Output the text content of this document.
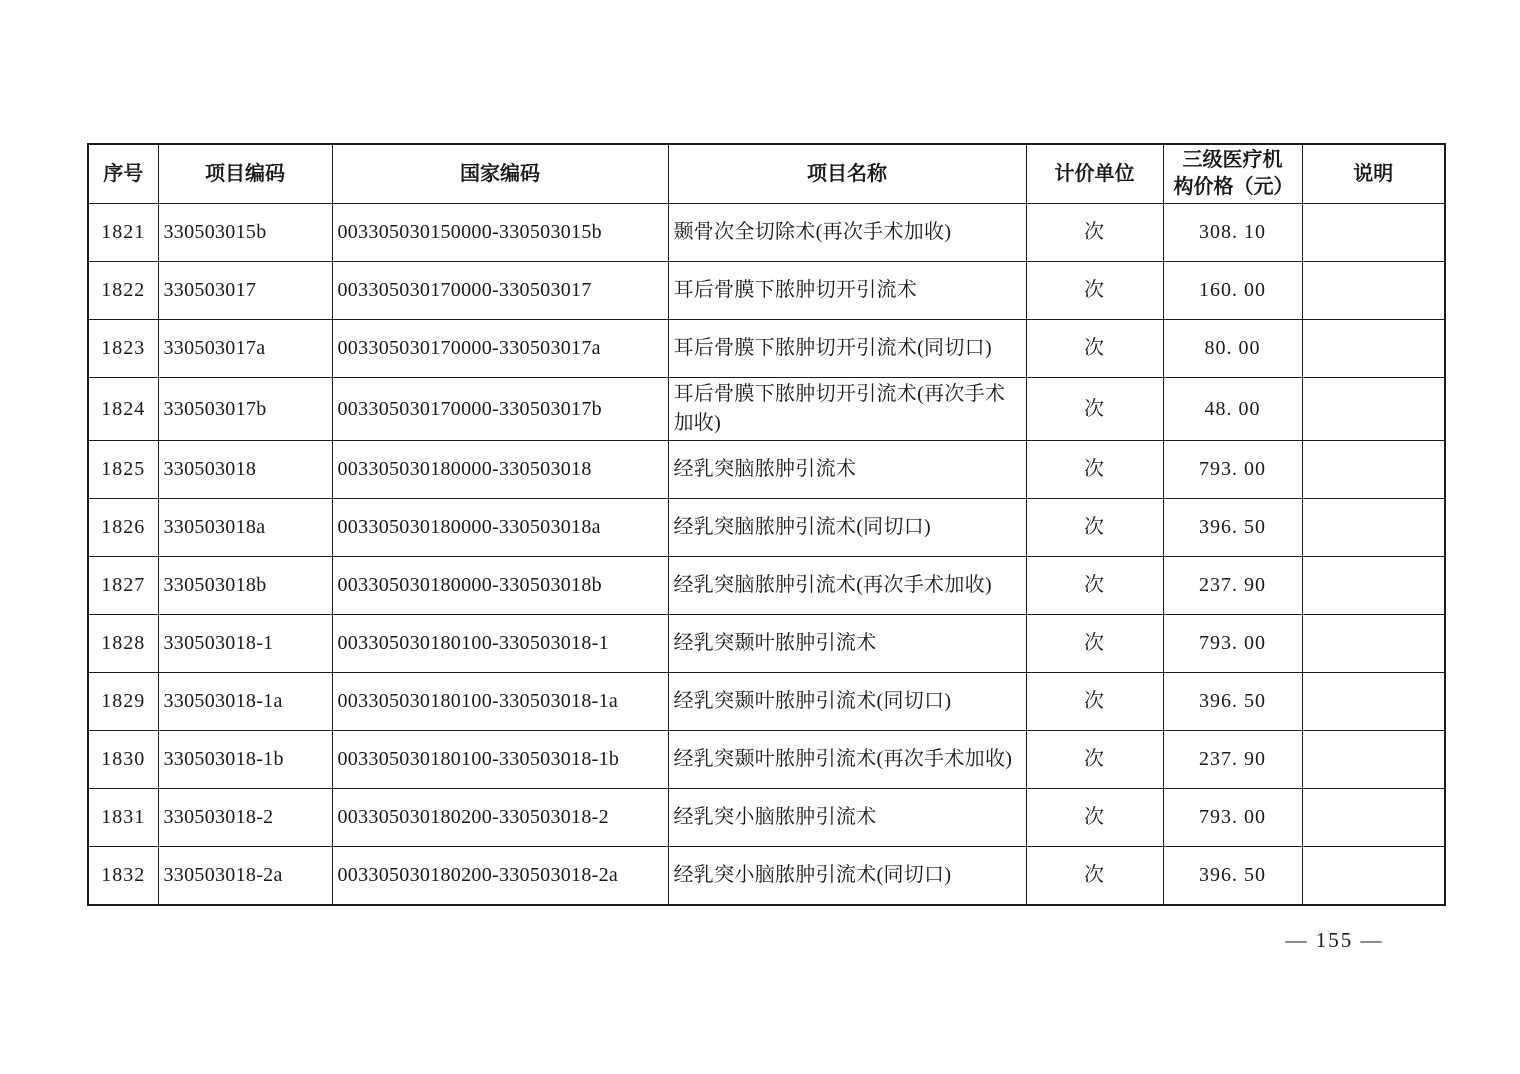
序号	项目编码	国家编码	项目名称	计价单位	三级医疗机构价格（元）	说明
1821	330503015b	003305030150000-330503015b	颞骨次全切除术(再次手术加收)	次	308. 10	
1822	330503017	003305030170000-330503017	耳后骨膜下脓肿切开引流术	次	160. 00	
1823	330503017a	003305030170000-330503017a	耳后骨膜下脓肿切开引流术(同切口)	次	80. 00	
1824	330503017b	003305030170000-330503017b	耳后骨膜下脓肿切开引流术(再次手术加收)	次	48. 00	
1825	330503018	003305030180000-330503018	经乳突脑脓肿引流术	次	793. 00	
1826	330503018a	003305030180000-330503018a	经乳突脑脓肿引流术(同切口)	次	396. 50	
1827	330503018b	003305030180000-330503018b	经乳突脑脓肿引流术(再次手术加收)	次	237. 90	
1828	330503018-1	003305030180100-330503018-1	经乳突颞叶脓肿引流术	次	793. 00	
1829	330503018-1a	003305030180100-330503018-1a	经乳突颞叶脓肿引流术(同切口)	次	396. 50	
1830	330503018-1b	003305030180100-330503018-1b	经乳突颞叶脓肿引流术(再次手术加收)	次	237. 90	
1831	330503018-2	003305030180200-330503018-2	经乳突小脑脓肿引流术	次	793. 00	
1832	330503018-2a	003305030180200-330503018-2a	经乳突小脑脓肿引流术(同切口)	次	396. 50	
— 155 —
